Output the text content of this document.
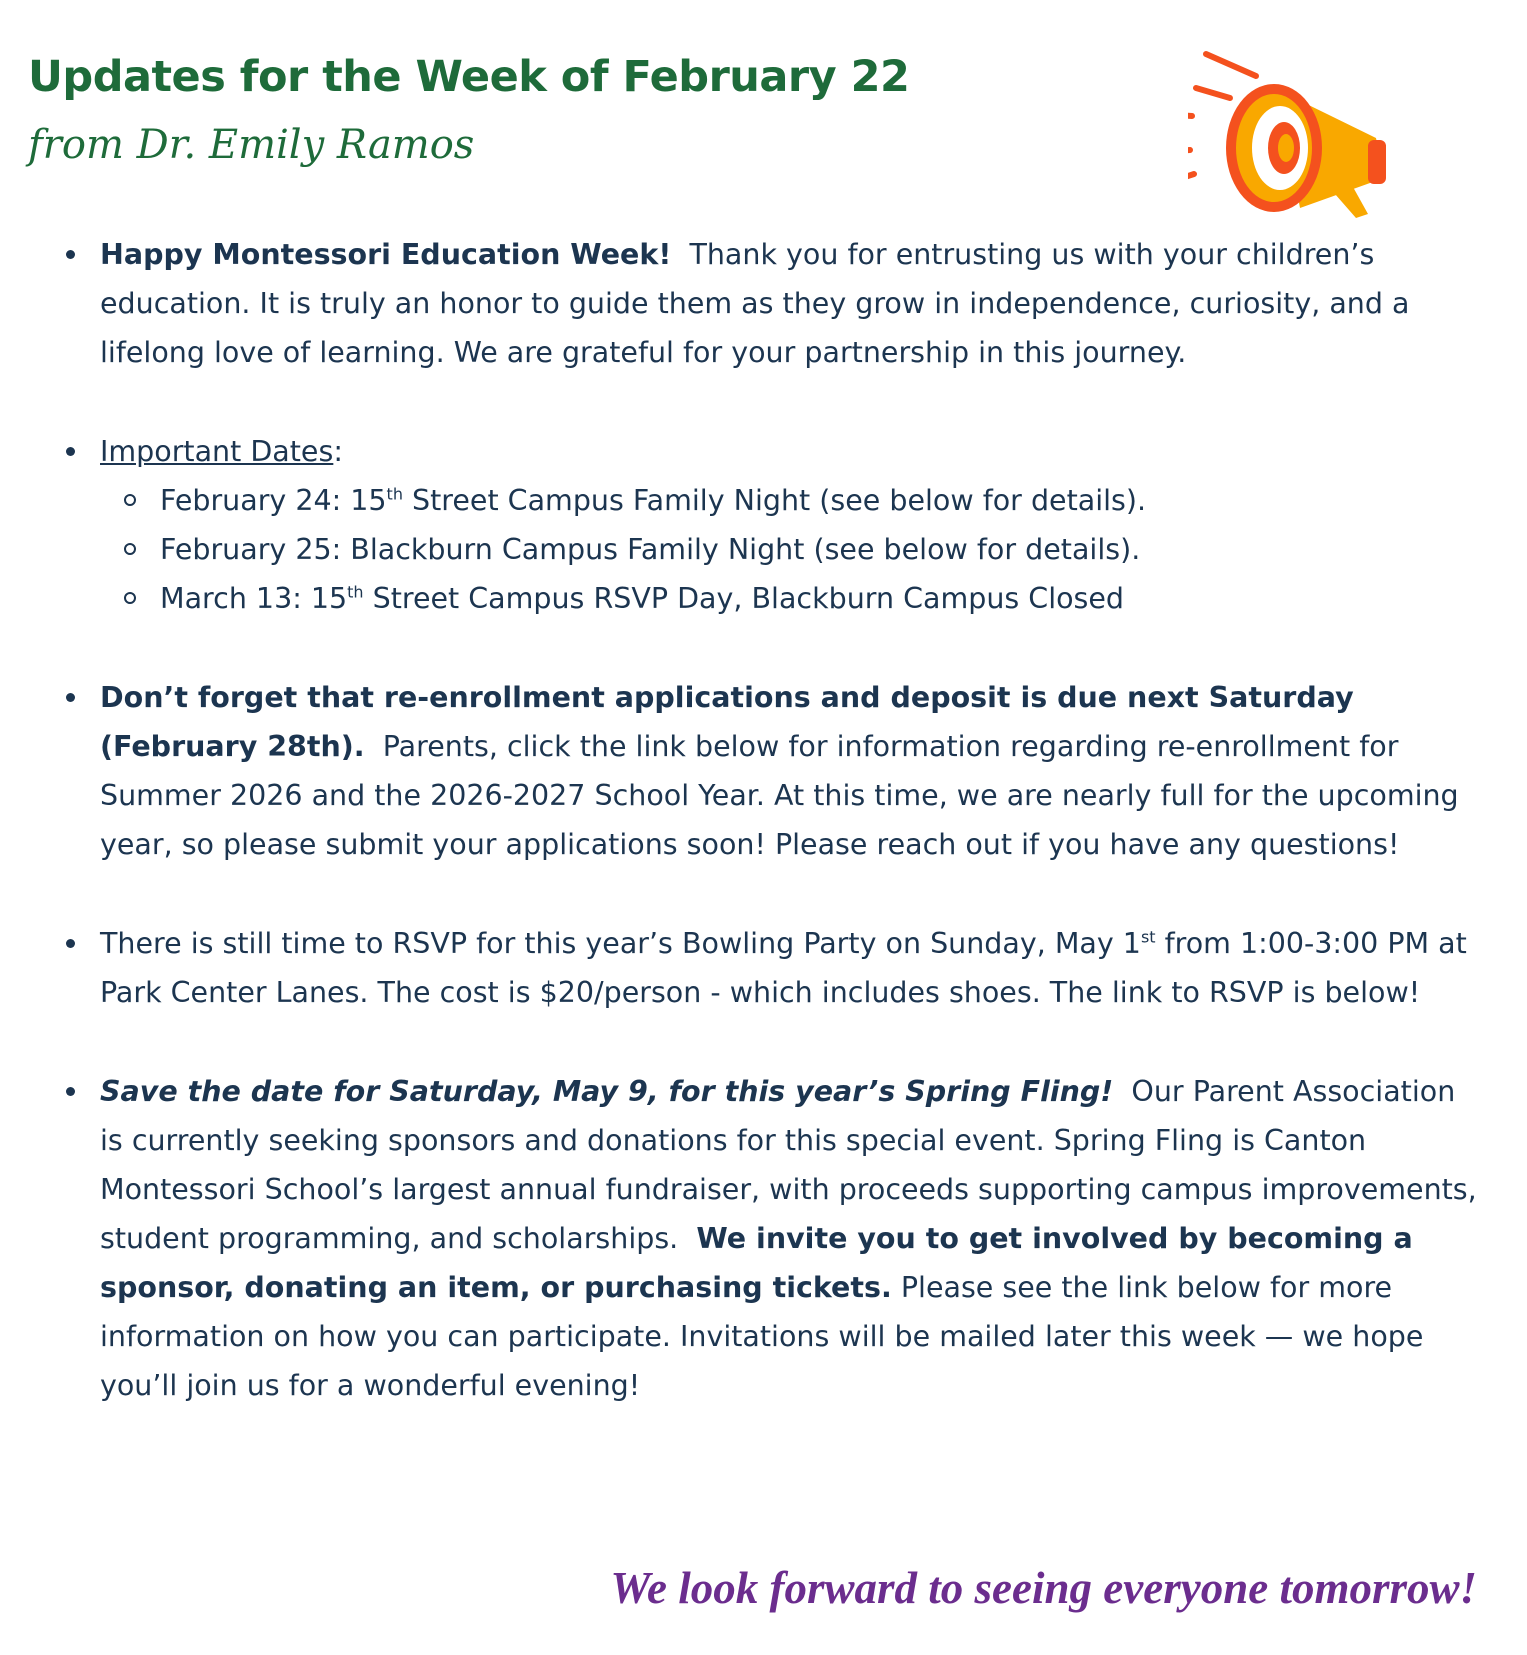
Updates for the Week of February 22
from Dr. Emily Ramos
Happy Montessori Education Week! Thank you for entrusting us with your children’s education. It is truly an honor to guide them as they grow in independence, curiosity, and a lifelong love of learning. We are grateful for your partnership in this journey.
Important Dates:
February 24: 15th Street Campus Family Night (see below for details).
February 25: Blackburn Campus Family Night (see below for details).
March 13: 15th Street Campus RSVP Day, Blackburn Campus Closed
Don’t forget that re-enrollment applications and deposit is due next Saturday (February 28th). Parents, click the link below for information regarding re-enrollment for Summer 2026 and the 2026-2027 School Year. At this time, we are nearly full for the upcoming year, so please submit your applications soon! Please reach out if you have any questions!
There is still time to RSVP for this year’s Bowling Party on Sunday, May 1st from 1:00-3:00 PM at Park Center Lanes. The cost is $20/person - which includes shoes. The link to RSVP is below!
Save the date for Saturday, May 9, for this year’s Spring Fling! Our Parent Association is currently seeking sponsors and donations for this special event. Spring Fling is Canton Montessori School’s largest annual fundraiser, with proceeds supporting campus improvements, student programming, and scholarships. We invite you to get involved by becoming a sponsor, donating an item, or purchasing tickets. Please see the link below for more information on how you can participate. Invitations will be mailed later this week — we hope you’ll join us for a wonderful evening!
We look forward to seeing everyone tomorrow!
